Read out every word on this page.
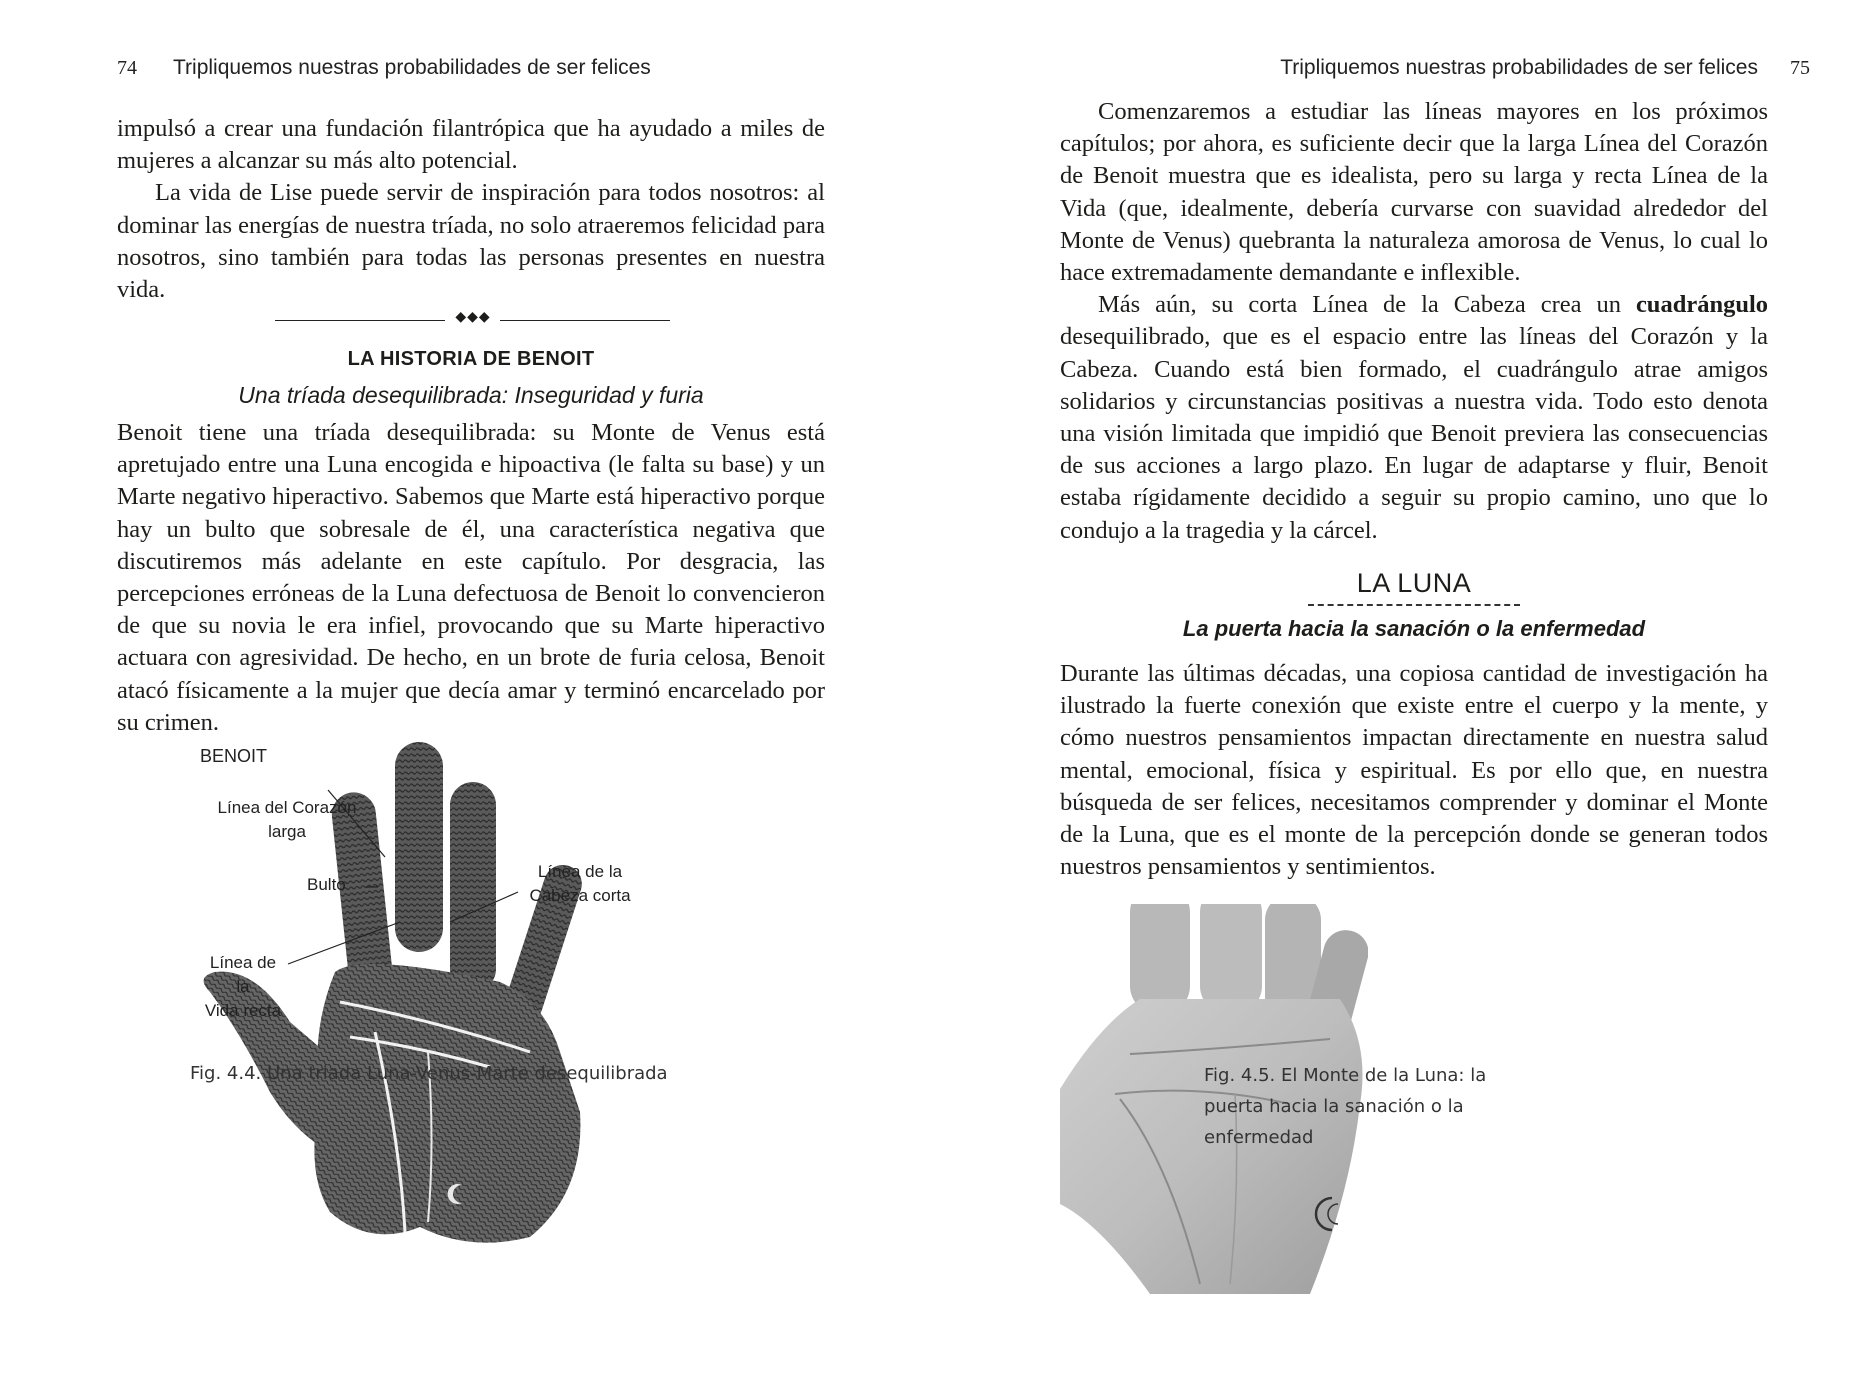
74 Tripliquemos nuestras probabilidades de ser felices

impulsó a crear una fundación filantrópica que ha ayudado a miles de mujeres a alcanzar su más alto potencial.

La vida de Lise puede servir de inspiración para todos nosotros: al dominar las energías de nuestra tríada, no solo atraeremos felicidad para nosotros, sino también para todas las personas presentes en nuestra vida.

◆◆◆
LA HISTORIA DE BENOIT
Una tríada desequilibrada: Inseguridad y furia

Benoit tiene una tríada desequilibrada: su Monte de Venus está apretujado entre una Luna encogida e hipoactiva (le falta su base) y un Marte negativo hiperactivo. Sabemos que Marte está hiperactivo porque hay un bulto que sobresale de él, una característica negativa que discutiremos más adelante en este capítulo. Por desgracia, las percepciones erróneas de la Luna defectuosa de Benoit lo convencieron de que su novia le era infiel, provocando que su Marte hiperactivo actuara con agresividad. De hecho, en un brote de furia celosa, Benoit atacó físicamente a la mujer que decía amar y terminó encarcelado por su crimen.

BENOIT
Línea del Corazón
larga
Bulto
Línea de la
Cabeza corta
Línea de la
Vida recta
Fig. 4.4. Una triada Luna-Venus-Marte desequilibrada
Tripliquemos nuestras probabilidades de ser felices 75

Comenzaremos a estudiar las líneas mayores en los próximos capítulos; por ahora, es suficiente decir que la larga Línea del Corazón de Benoit muestra que es idealista, pero su larga y recta Línea de la Vida (que, idealmente, debería curvarse con suavidad alrededor del Monte de Venus) quebranta la naturaleza amorosa de Venus, lo cual lo hace extremadamente demandante e inflexible.

Más aún, su corta Línea de la Cabeza crea un cuadrángulo desequilibrado, que es el espacio entre las líneas del Corazón y la Cabeza. Cuando está bien formado, el cuadrángulo atrae amigos solidarios y circunstancias positivas a nuestra vida. Todo esto denota una visión limitada que impidió que Benoit previera las consecuencias de sus acciones a largo plazo. En lugar de adaptarse y fluir, Benoit estaba rígidamente decidido a seguir su propio camino, uno que lo condujo a la tragedia y la cárcel.

LA LUNA
La puerta hacia la sanación o la enfermedad

Durante las últimas décadas, una copiosa cantidad de investigación ha ilustrado la fuerte conexión que existe entre el cuerpo y la mente, y cómo nuestros pensamientos impactan directamente en nuestra salud mental, emocional, física y espiritual. Es por ello que, en nuestra búsqueda de ser felices, necesitamos comprender y dominar el Monte de la Luna, que es el monte de la percepción donde se generan todos nuestros pensamientos y sentimientos.

Fig. 4.5. El Monte de la Luna: la
puerta hacia la sanación o la
enfermedad
